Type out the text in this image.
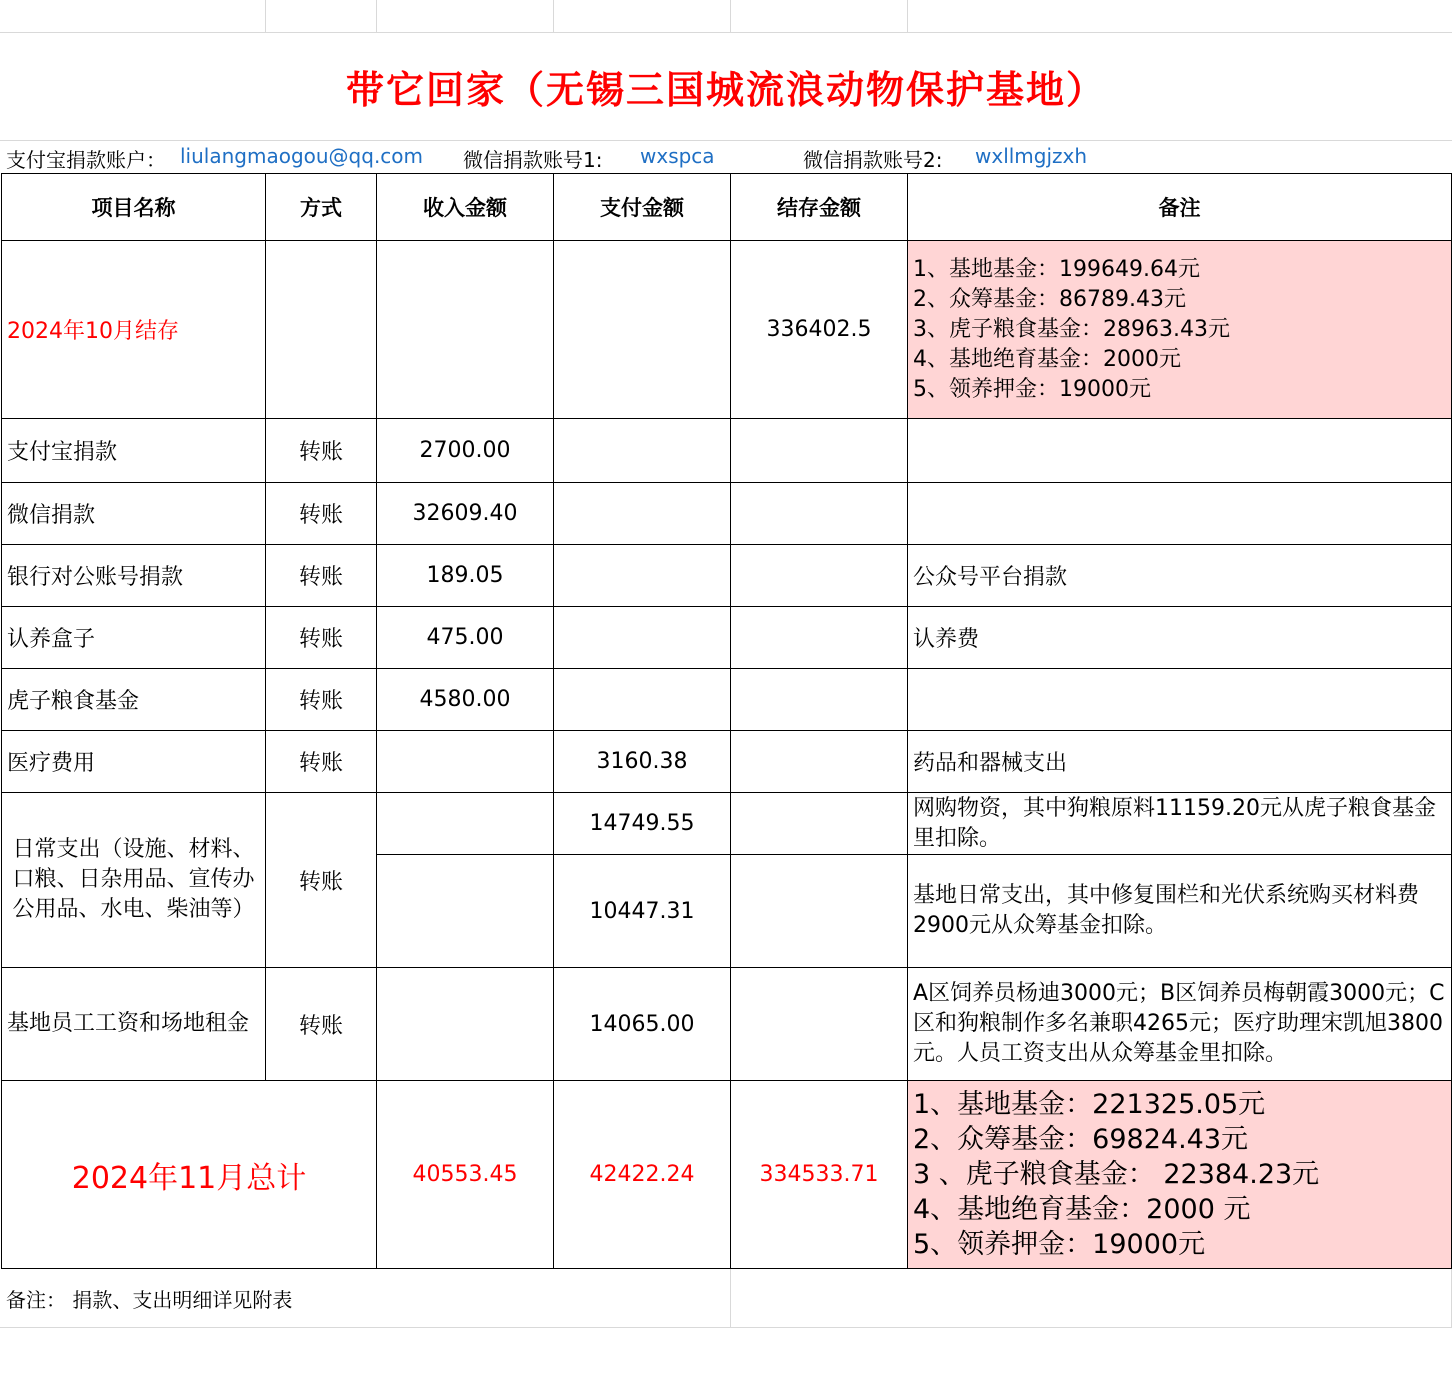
带它回家（无锡三国城流浪动物保护基地）
支付宝捐款账户： liulangmaogou@qq.com 微信捐款账号1: wxspca	微信捐款账号2: wxllmgjzxh
项目名称	方式	收入金额	支付金额	结存金额	备注
2024年10月结存				336402.5	1、基地基金：199649.64元
2、众筹基金：86789.43元
3、虎子粮食基金：28963.43元
4、基地绝育基金：2000元
5、领养押金：19000元

支付宝捐款	转账	2700.00			
微信捐款	转账	32609.40			
银行对公账号捐款	转账	189.05			公众号平台捐款
认养盒子	转账	475.00			认养费
虎子粮食基金	转账	4580.00			
医疗费用	转账		3160.38		药品和器械支出
日常支出（设施、材料、口粮、日杂用品、宣传办公用品、水电、柴油等）	转账		14749.55		网购物资，其中狗粮原料11159.20元从虎子粮食基金里扣除。
			10447.31		基地日常支出，其中修复围栏和光伏系统购买材料费2900元从众筹基金扣除。
基地员工工资和场地租金	转账		14065.00		A区饲养员杨迪3000元；B区饲养员梅朝霞3000元；C区和狗粮制作多名兼职4265元；医疗助理宋凯旭3800元。人员工资支出从众筹基金里扣除。
2024年11月总计		40553.45	42422.24	334533.71	1、基地基金：221325.05元
2、众筹基金：69824.43元
3 、虎子粮食基金： 22384.23元
4、基地绝育基金：2000 元
5、领养押金：19000元
备注： 捐款、支出明细详见附表
